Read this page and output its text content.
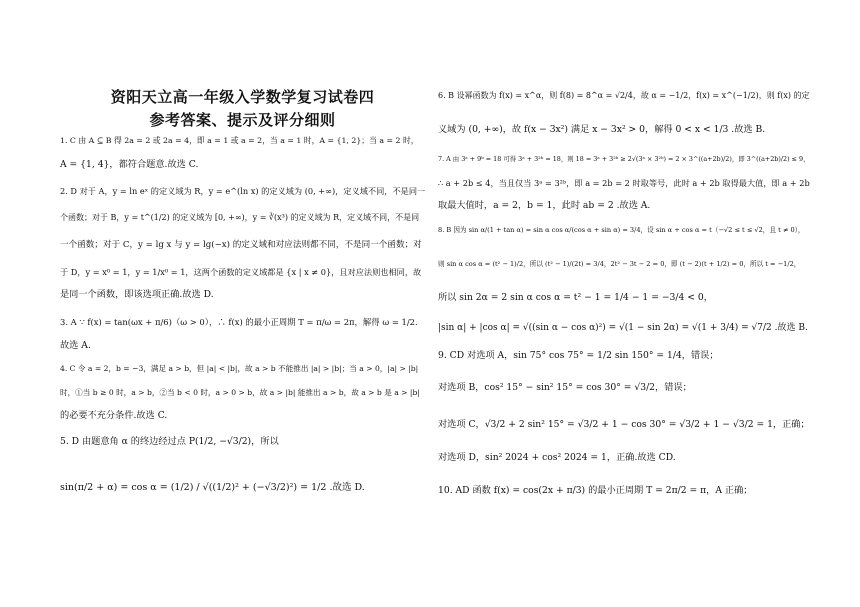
资阳天立高一年级入学数学复习试卷四
参考答案、提示及评分细则
1. C 由 A ⊆ B 得 2a = 2 或 2a = 4，即 a = 1 或 a = 2，当 a = 1 时，A = {1, 2}；当 a = 2 时，
A = {1, 4}，都符合题意.故选 C.
2. D 对于 A，y = ln eˣ 的定义域为 R，y = e^(ln x) 的定义域为 (0, +∞)，定义域不同，不是同一
个函数；对于 B，y = t^(1/2) 的定义域为 [0, +∞)，y = ∛(x³) 的定义域为 R，定义域不同，不是同
一个函数；对于 C，y = lg x 与 y = lg(−x) 的定义域和对应法则都不同，不是同一个函数；对
于 D，y = x⁰ = 1，y = 1/x⁰ = 1，这两个函数的定义域都是 {x | x ≠ 0}，且对应法则也相同，故
是同一个函数，即该选项正确.故选 D.
3. A ∵ f(x) = tan(ωx + π/6)（ω > 0），∴ f(x) 的最小正周期 T = π/ω = 2π，解得 ω = 1/2.
故选 A.
4. C 令 a = 2，b = −3，满足 a > b，但 |a| < |b|，故 a > b 不能推出 |a| > |b|；当 a > 0，|a| > |b|
时，①当 b ≥ 0 时，a > b，②当 b < 0 时，a > 0 > b，故 a > |b| 能推出 a > b，故 a > b 是 a > |b|
的必要不充分条件.故选 C.
5. D 由题意角 α 的终边经过点 P(1/2, −√3/2)，所以
sin(π/2 + α) = cos α = (1/2) / √((1/2)² + (−√3/2)²) = 1/2 .故选 D.
6. B 设幂函数为 f(x) = x^α，则 f(8) = 8^α = √2/4，故 α = −1/2，f(x) = x^(−1/2)，则 f(x) 的定
义域为 (0, +∞)，故 f(x − 3x²) 满足 x − 3x² > 0，解得 0 < x < 1/3 .故选 B.
7. A 由 3ᵃ + 9ᵇ = 18 可得 3ᵃ + 3²ᵇ = 18，则 18 = 3ᵃ + 3²ᵇ ≥ 2√(3ᵃ × 3²ᵇ) = 2 × 3^((a+2b)/2)，即 3^((a+2b)/2) ≤ 9，
∴ a + 2b ≤ 4，当且仅当 3ᵃ = 3²ᵇ，即 a = 2b = 2 时取等号，此时 a + 2b 取得最大值，即 a + 2b
取最大值时，a = 2，b = 1，此时 ab = 2 .故选 A.
8. B 因为 sin α/(1 + tan α) = sin α cos α/(cos α + sin α) = 3/4，设 sin α + cos α = t（−√2 ≤ t ≤ √2，且 t ≠ 0），
则 sin α cos α = (t² − 1)/2，所以 (t² − 1)/(2t) = 3/4，2t² − 3t − 2 = 0，即 (t − 2)(t + 1/2) = 0，所以 t = −1/2，
所以 sin 2α = 2 sin α cos α = t² − 1 = 1/4 − 1 = −3/4 < 0，
|sin α| + |cos α| = √((sin α − cos α)²) = √(1 − sin 2α) = √(1 + 3/4) = √7/2 .故选 B.
9. CD 对选项 A，sin 75° cos 75° = 1/2 sin 150° = 1/4，错误；
对选项 B，cos² 15° − sin² 15° = cos 30° = √3/2，错误；
对选项 C，√3/2 + 2 sin² 15° = √3/2 + 1 − cos 30° = √3/2 + 1 − √3/2 = 1，正确；
对选项 D，sin² 2024 + cos² 2024 = 1，正确.故选 CD.
10. AD 函数 f(x) = cos(2x + π/3) 的最小正周期 T = 2π/2 = π，A 正确；
